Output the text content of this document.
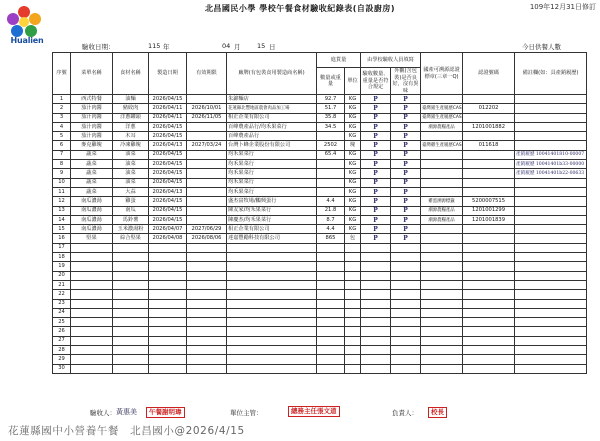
Hualien
北昌國民小學 學校午餐食材驗收紀錄表(自設廚房)	109年12月31日修訂
驗收日期：	115 年	04 月	15 日	今日供餐人數
序號	菜單名稱	食材名稱	製造日期	有效期限	廠牌(有包裝食用製造商名稱)	進貨量		由學校驗收人員填寫		國產可溯源認證標章(三章一Q)	認證號碼	備註欄(如：具產銷履歷)
						數量或重量	單位	驗收數量、重量是否符合規定	外觀(含包裝)是否良好，沒有異味			
1	西式特餐	油麵	2026/04/15		朱錦麵店	92.7	KG	P	P			
2	茄汁肉醬	豬絞肉	2026/04/11	2026/10/01	花蓮縣北豐地區農會肉品加工場	51.7	KG	P	P	臺灣豬生產履歷CAS	012202	
3	茄汁肉醬	洋蔥罐頭	2026/04/11	2026/11/05	相正企業有限公司	35.8	KG	P	P	臺灣豬生產履歷CAS		
4	茄汁肉醬	洋蔥	2026/04/15		百峰農產品行/均禾果菜行	34.5	KG	P	P	潮源農糧產品	1201001882	
5	茄汁肉醬	木耳	2026/04/15		百峰農產品行		KG	P	P			
6	麥克雞塊	冷凍雞塊	2026/04/13	2027/03/24	台灣卜蜂企業股份有限公司	2502	塊	P	P	臺灣雞生產履歷CAS	011618	
7	蔬菜	油菜	2026/04/15		均禾果菜行	65.4	KG	P	P			產銷履歷 10041401810-00007
8	蔬菜	油菜	2026/04/15		均禾果菜行		KG	P	P			產銷履歷 10041401b33-00000
9	蔬菜	油菜	2026/04/15		均禾果菜行		KG	P	P			產銷履歷 10041401b22-00633
10	蔬菜	油菜	2026/04/15		均禾果菜行		KG	P	P			
11	蔬菜	大蒜	2026/04/13		均禾果菜行		KG	P	P			
12	南瓜濃湯	雞蛋	2026/04/15		盛杰富牧場/鵬興蛋行	4.4	KG	P	P	雞蛋溯源標籤	5200007515	
13	南瓜濃湯	南瓜	2026/04/15		陳友家/均禾果菜行	21.8	KG	P	P	潮源農糧產品	1201001299	
14	南瓜濃湯	馬鈴薯	2026/04/15		陳慶杰/均禾果菜行	8.7	KG	P	P	潮源農糧產品	1201001839	
15	南瓜濃湯	玉米濃湯粉	2026/04/07	2027/06/29	相正企業有限公司	4.4	KG	P	P			
16	堅果	綜合堅果	2026/04/08	2026/08/06	達嘉豐勵科技有限公司	865	包	P	P			
17												
18												
19												
20												
21												
22												
23												
24												
25												
26												
27												
28												
29												
30												
驗收人： 黃惠美	午餐謝明瑋	單位主管：	總務主任張文道	負責人：	校長
花蓮縣國中小營養午餐　北昌國小@2026/4/15
